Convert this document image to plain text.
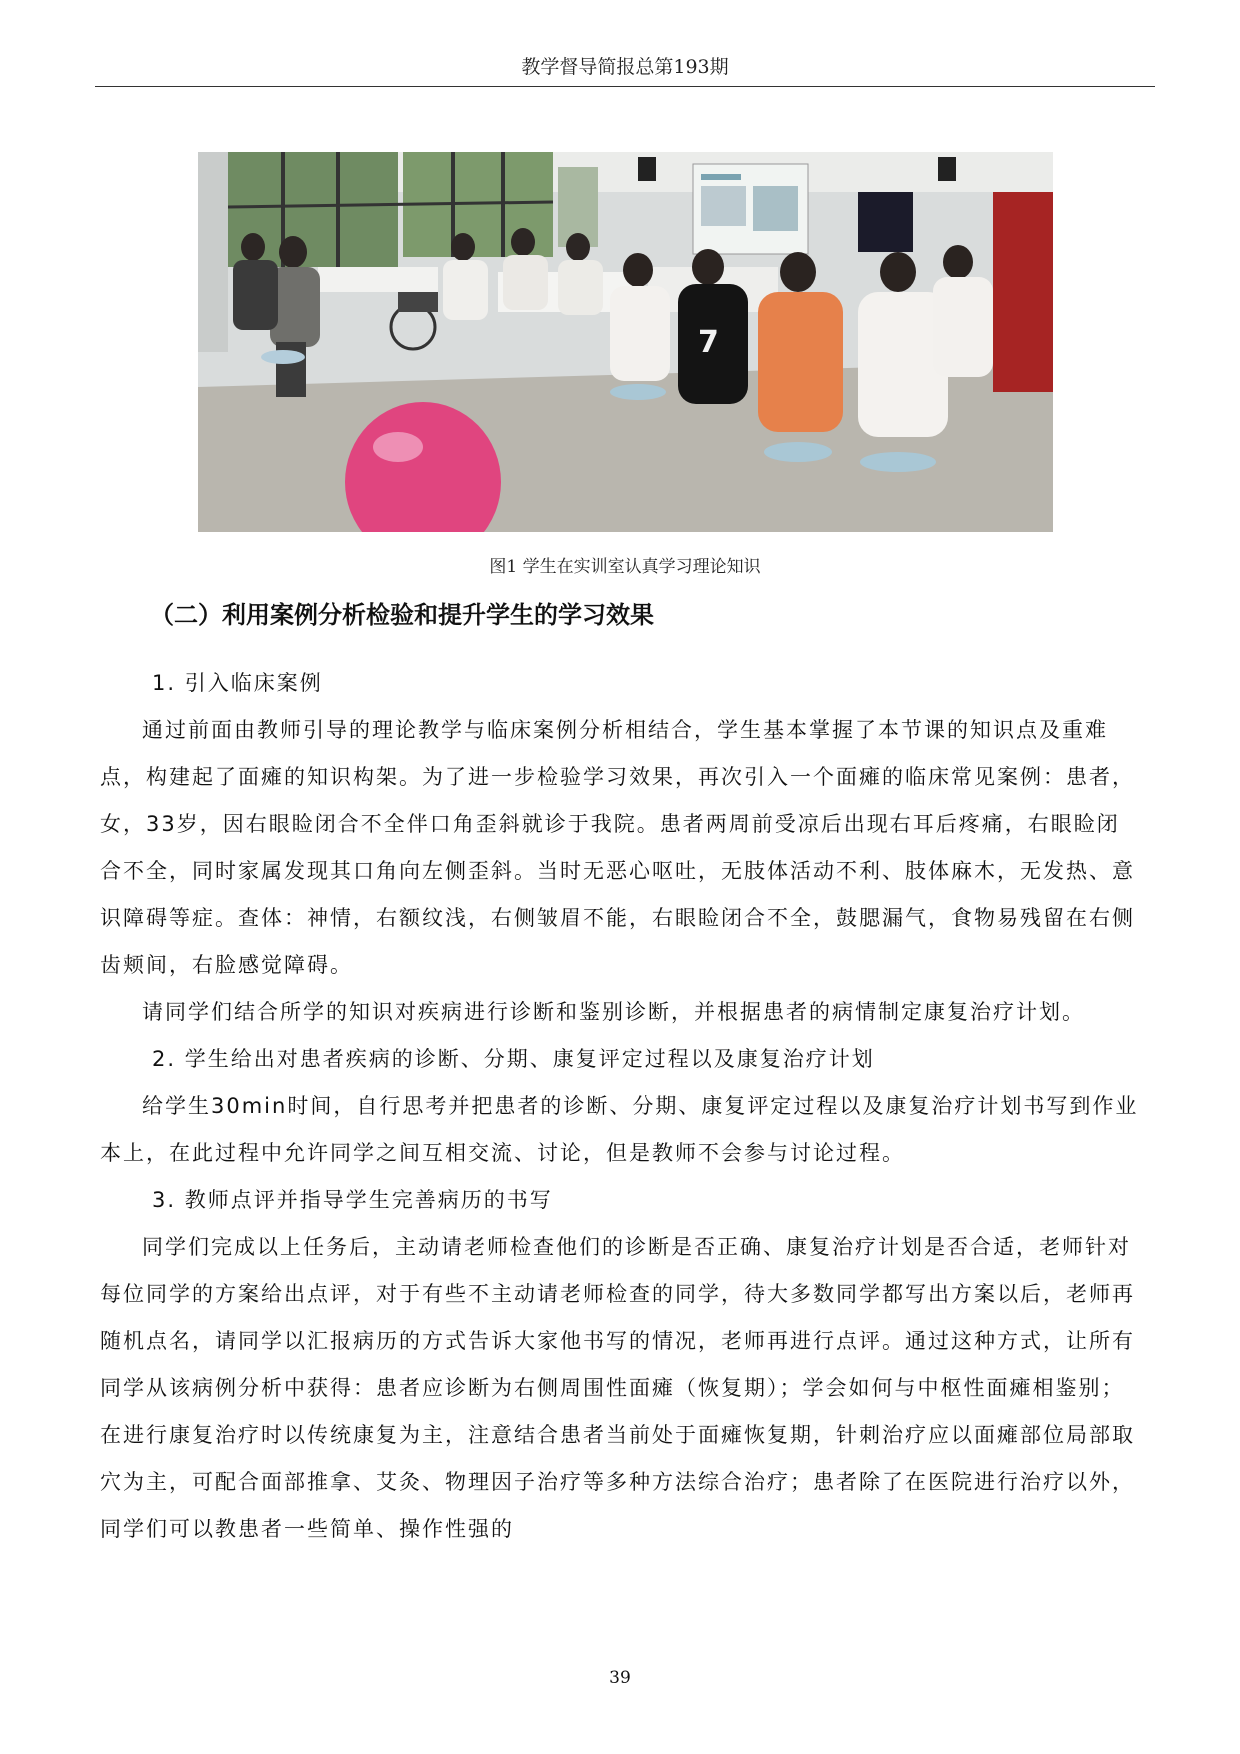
教学督导简报总第193期
7
图1 学生在实训室认真学习理论知识
（二）利用案例分析检验和提升学生的学习效果

1. 引入临床案例

通过前面由教师引导的理论教学与临床案例分析相结合，学生基本掌握了本节课的知识点及重难点，构建起了面瘫的知识构架。为了进一步检验学习效果，再次引入一个面瘫的临床常见案例：患者，女，33岁，因右眼睑闭合不全伴口角歪斜就诊于我院。患者两周前受凉后出现右耳后疼痛，右眼睑闭合不全，同时家属发现其口角向左侧歪斜。当时无恶心呕吐，无肢体活动不利、肢体麻木，无发热、意识障碍等症。查体：神情，右额纹浅，右侧皱眉不能，右眼睑闭合不全，鼓腮漏气，食物易残留在右侧齿颊间，右脸感觉障碍。

请同学们结合所学的知识对疾病进行诊断和鉴别诊断，并根据患者的病情制定康复治疗计划。

2. 学生给出对患者疾病的诊断、分期、康复评定过程以及康复治疗计划

给学生30min时间，自行思考并把患者的诊断、分期、康复评定过程以及康复治疗计划书写到作业本上，在此过程中允许同学之间互相交流、讨论，但是教师不会参与讨论过程。

3. 教师点评并指导学生完善病历的书写

同学们完成以上任务后，主动请老师检查他们的诊断是否正确、康复治疗计划是否合适，老师针对每位同学的方案给出点评，对于有些不主动请老师检查的同学，待大多数同学都写出方案以后，老师再随机点名，请同学以汇报病历的方式告诉大家他书写的情况，老师再进行点评。通过这种方式，让所有同学从该病例分析中获得：患者应诊断为右侧周围性面瘫（恢复期）；学会如何与中枢性面瘫相鉴别；在进行康复治疗时以传统康复为主，注意结合患者当前处于面瘫恢复期，针刺治疗应以面瘫部位局部取穴为主，可配合面部推拿、艾灸、物理因子治疗等多种方法综合治疗；患者除了在医院进行治疗以外，同学们可以教患者一些简单、操作性强的

39
